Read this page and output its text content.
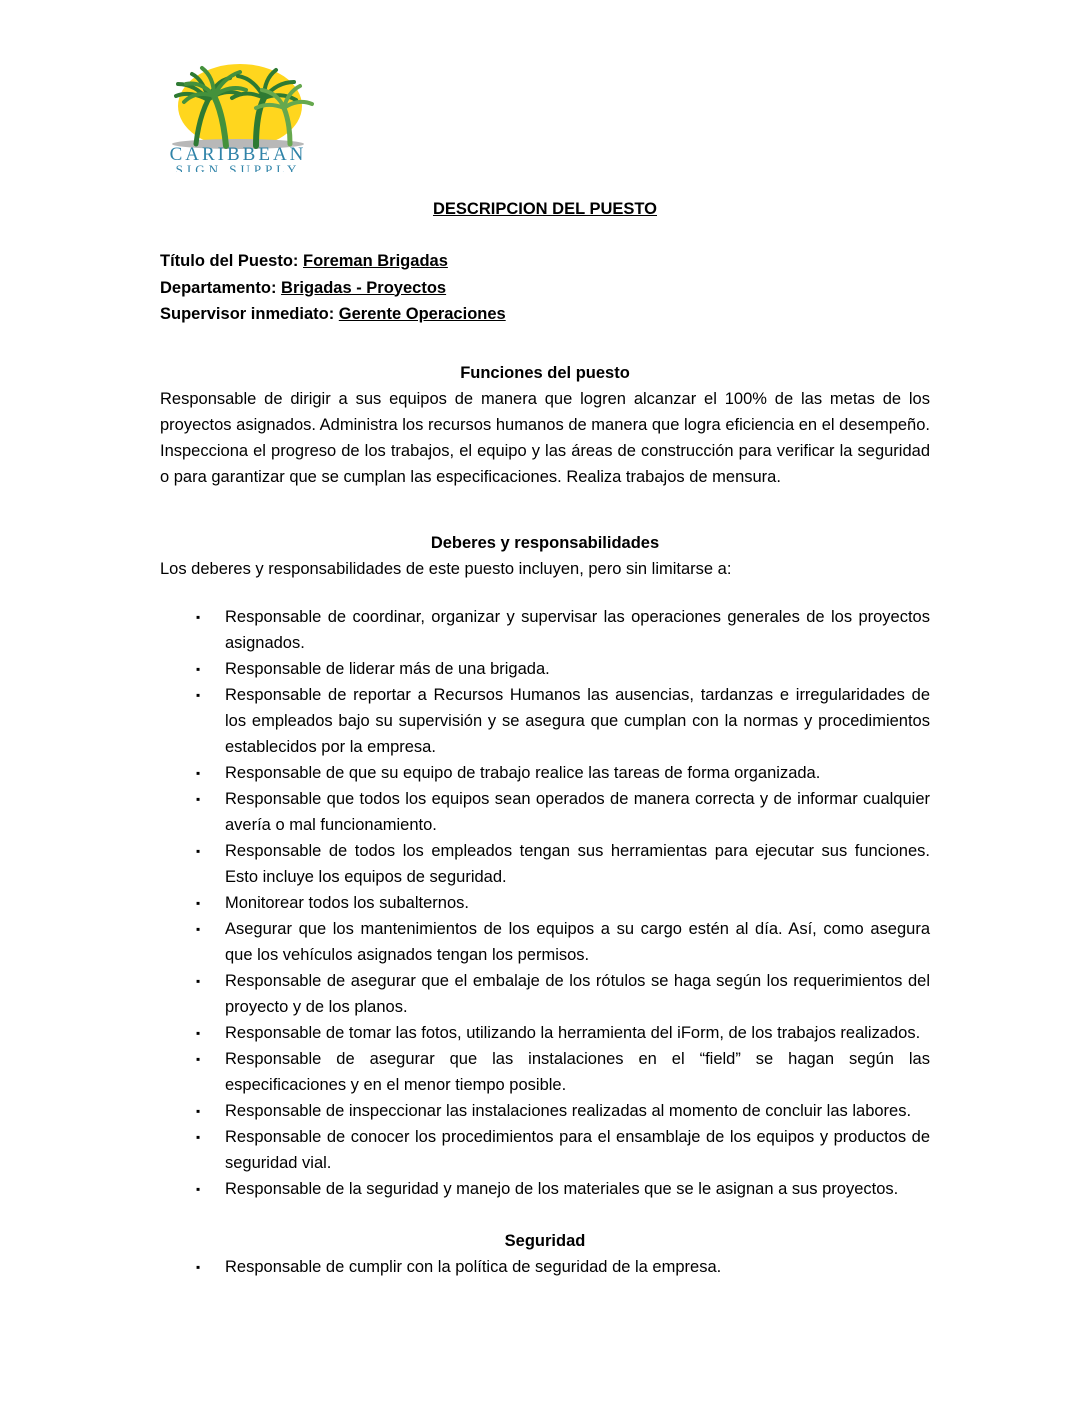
CARIBBEAN
SIGN SUPPLY
DESCRIPCION DEL PUESTO
Título del Puesto: Foreman Brigadas
Departamento: Brigadas - Proyectos
Supervisor inmediato: Gerente Operaciones
Funciones del puesto
Responsable de dirigir a sus equipos de manera que logren alcanzar el 100% de las metas de los proyectos asignados. Administra los recursos humanos de manera que logra eficiencia en el desempeño. Inspecciona el progreso de los trabajos, el equipo y las áreas de construcción para verificar la seguridad o para garantizar que se cumplan las especificaciones. Realiza trabajos de mensura.
Deberes y responsabilidades
Los deberes y responsabilidades de este puesto incluyen, pero sin limitarse a:
▪ Responsable de coordinar, organizar y supervisar las operaciones generales de los proyectos asignados.
▪ Responsable de liderar más de una brigada.
▪ Responsable de reportar a Recursos Humanos las ausencias, tardanzas e irregularidades de los empleados bajo su supervisión y se asegura que cumplan con la normas y procedimientos establecidos por la empresa.
▪ Responsable de que su equipo de trabajo realice las tareas de forma organizada.
▪ Responsable que todos los equipos sean operados de manera correcta y de informar cualquier avería o mal funcionamiento.
▪ Responsable de todos los empleados tengan sus herramientas para ejecutar sus funciones. Esto incluye los equipos de seguridad.
▪ Monitorear todos los subalternos.
▪ Asegurar que los mantenimientos de los equipos a su cargo estén al día. Así, como asegura que los vehículos asignados tengan los permisos.
▪ Responsable de asegurar que el embalaje de los rótulos se haga según los requerimientos del proyecto y de los planos.
▪ Responsable de tomar las fotos, utilizando la herramienta del iForm, de los trabajos realizados.
▪ Responsable de asegurar que las instalaciones en el “field” se hagan según las especificaciones y en el menor tiempo posible.
▪ Responsable de inspeccionar las instalaciones realizadas al momento de concluir las labores.
▪ Responsable de conocer los procedimientos para el ensamblaje de los equipos y productos de seguridad vial.
▪ Responsable de la seguridad y manejo de los materiales que se le asignan a sus proyectos.
Seguridad
▪ Responsable de cumplir con la política de seguridad de la empresa.
